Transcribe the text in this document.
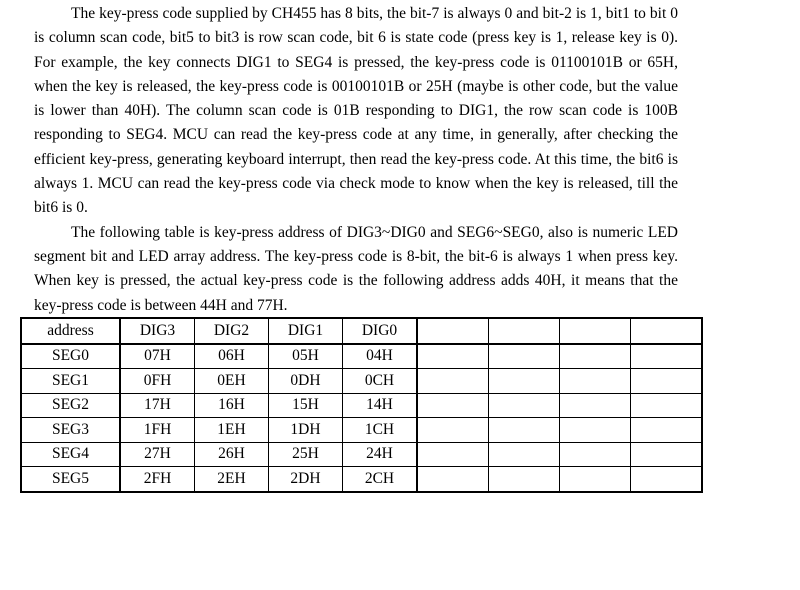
The key-press code supplied by CH455 has 8 bits, the bit-7 is always 0 and bit-2 is 1, bit1 to bit 0 is column scan code, bit5 to bit3 is row scan code, bit 6 is state code (press key is 1, release key is 0). For example, the key connects DIG1 to SEG4 is pressed, the key-press code is 01100101B or 65H, when the key is released, the key-press code is 00100101B or 25H (maybe is other code, but the value is lower than 40H). The column scan code is 01B responding to DIG1, the row scan code is 100B responding to SEG4. MCU can read the key-press code at any time, in generally, after checking the efficient key-press, generating keyboard interrupt, then read the key-press code. At this time, the bit6 is always 1. MCU can read the key-press code via check mode to know when the key is released, till the bit6 is 0.

The following table is key-press address of DIG3~DIG0 and SEG6~SEG0, also is numeric LED segment bit and LED array address. The key-press code is 8-bit, the bit-6 is always 1 when press key. When key is pressed, the actual key-press code is the following address adds 40H, it means that the key-press code is between 44H and 77H.

address	DIG3	DIG2	DIG1	DIG0				
SEG0	07H	06H	05H	04H				
SEG1	0FH	0EH	0DH	0CH				
SEG2	17H	16H	15H	14H				
SEG3	1FH	1EH	1DH	1CH				
SEG4	27H	26H	25H	24H				
SEG5	2FH	2EH	2DH	2CH				
